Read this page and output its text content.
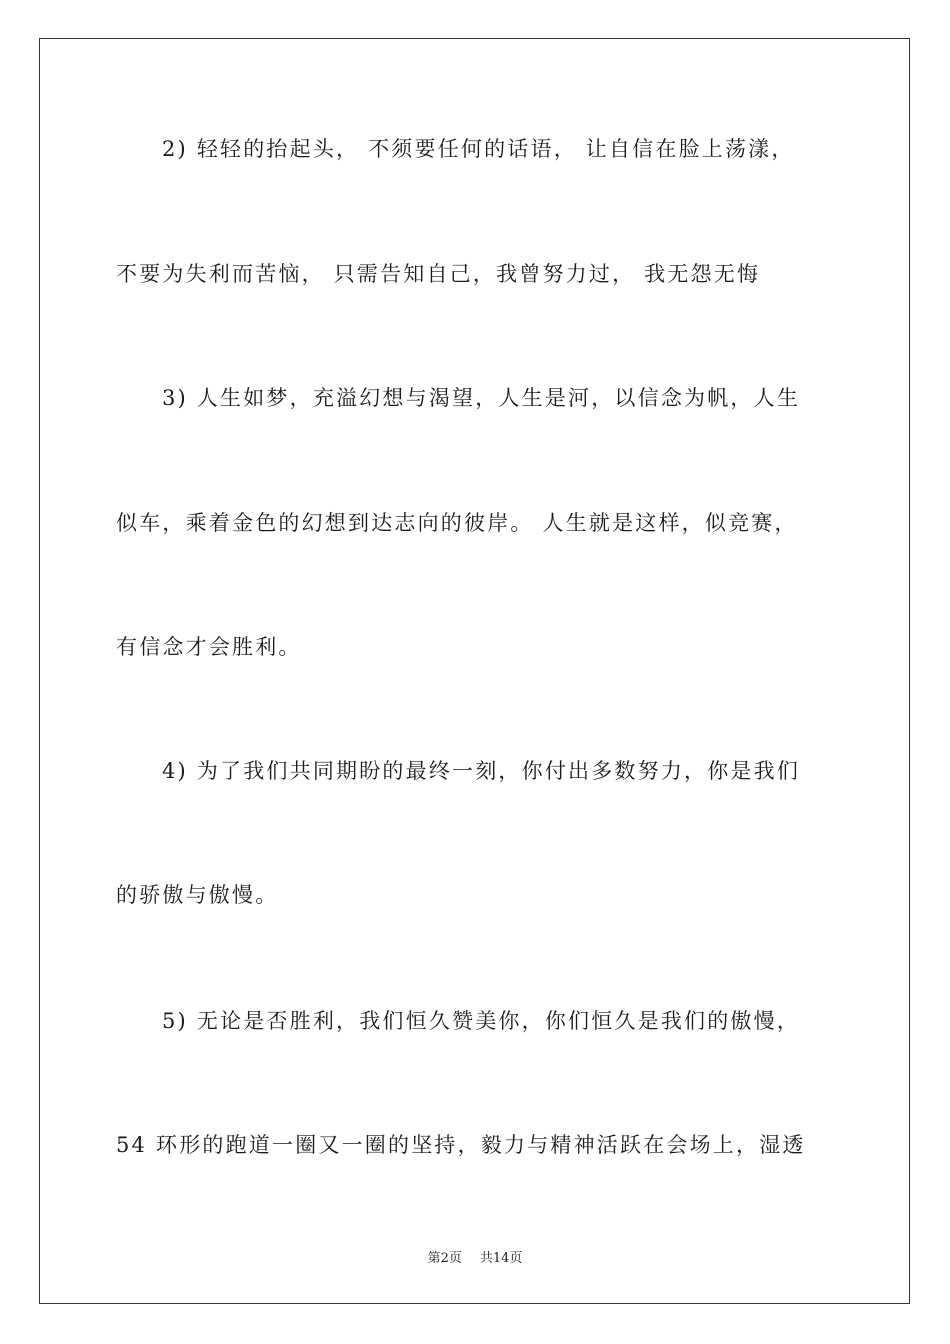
2) 轻轻的抬起头， 不须要任何的话语， 让自信在脸上荡漾，
不要为失利而苦恼， 只需告知自己，我曾努力过， 我无怨无悔
3) 人生如梦，充溢幻想与渴望，人生是河，以信念为帆，人生
似车，乘着金色的幻想到达志向的彼岸。 人生就是这样，似竞赛，
有信念才会胜利。
4) 为了我们共同期盼的最终一刻，你付出多数努力，你是我们
的骄傲与傲慢。
5) 无论是否胜利，我们恒久赞美你，你们恒久是我们的傲慢，
54 环形的跑道一圈又一圈的坚持，毅力与精神活跃在会场上，湿透
第2页 共14页
